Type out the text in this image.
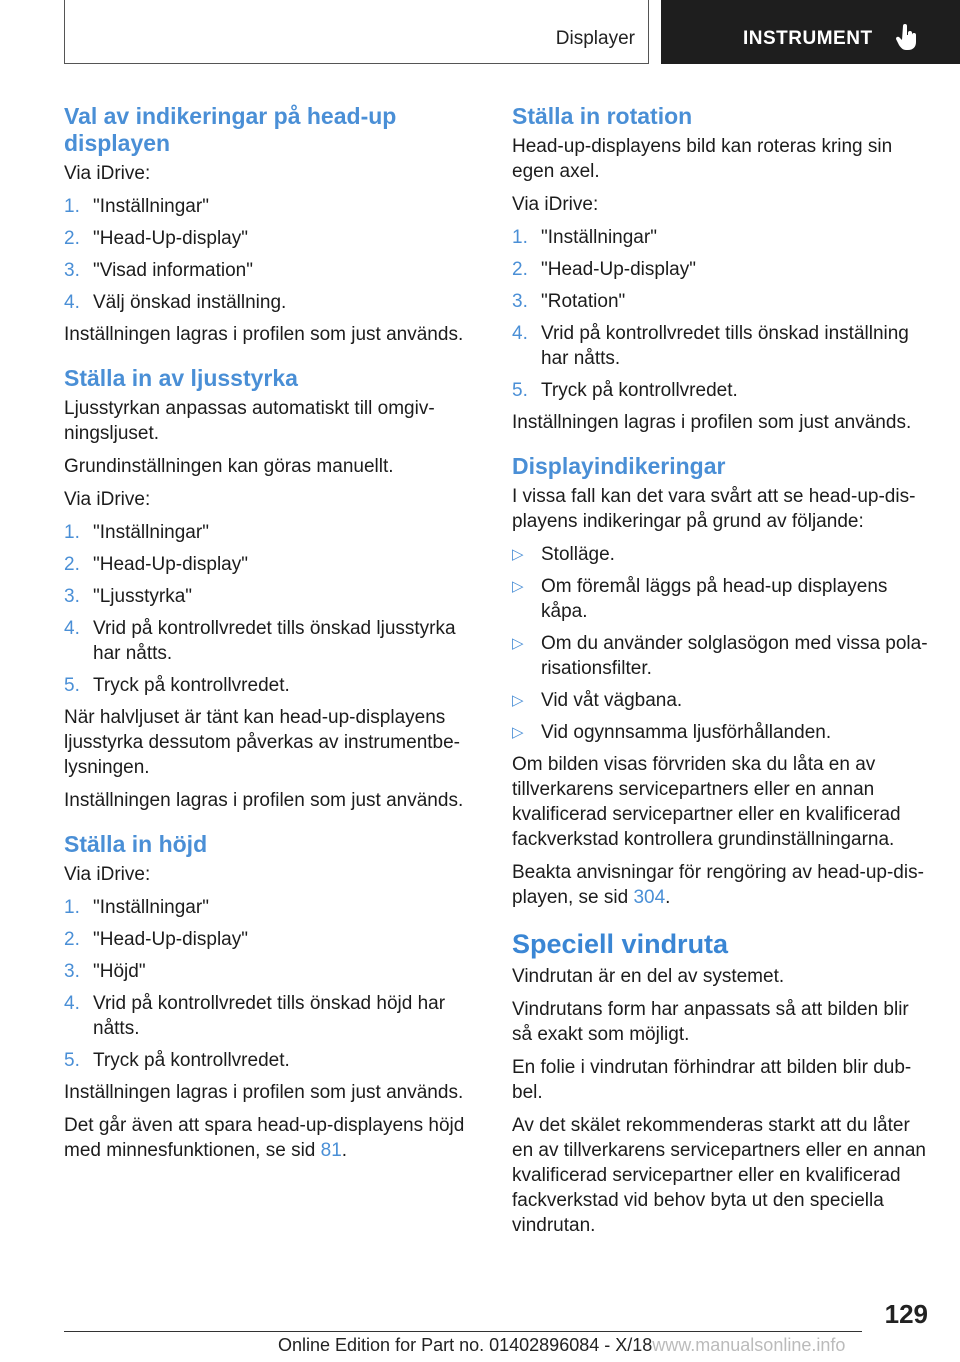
Displayer	INSTRUMENT
Val av indikeringar på head-up displayen

Via iDrive:

1. "Inställningar"
2. "Head-Up-display"
3. "Visad information"
4. Välj önskad inställning.

Inställningen lagras i profilen som just används.

Ställa in av ljusstyrka

Ljusstyrkan anpassas automatiskt till omgivningsljuset.

Grundinställningen kan göras manuellt.

Via iDrive:

1. "Inställningar"
2. "Head-Up-display"
3. "Ljusstyrka"
4. Vrid på kontrollvredet tills önskad ljusstyrka har nåtts.
5. Tryck på kontrollvredet.

När halvljuset är tänt kan head-up-displayens ljusstyrka dessutom påverkas av instrumentbelysningen.

Inställningen lagras i profilen som just används.

Ställa in höjd

Via iDrive:

1. "Inställningar"
2. "Head-Up-display"
3. "Höjd"
4. Vrid på kontrollvredet tills önskad höjd har nåtts.
5. Tryck på kontrollvredet.

Inställningen lagras i profilen som just används.

Det går även att spara head-up-displayens höjd med minnesfunktionen, se sid 81.

Ställa in rotation

Head-up-displayens bild kan roteras kring sin egen axel.

Via iDrive:

1. "Inställningar"
2. "Head-Up-display"
3. "Rotation"
4. Vrid på kontrollvredet tills önskad inställning har nåtts.
5. Tryck på kontrollvredet.

Inställningen lagras i profilen som just används.

Displayindikeringar

I vissa fall kan det vara svårt att se head-up-displayens indikeringar på grund av följande:

▷ Stolläge.
▷ Om föremål läggs på head-up displayens kåpa.
▷ Om du använder solglasögon med vissa polarisationsfilter.
▷ Vid våt vägbana.
▷ Vid ogynnsamma ljusförhållanden.

Om bilden visas förvriden ska du låta en av tillverkarens servicepartners eller en annan kvalificerad servicepartner eller en kvalificerad fackverkstad kontrollera grundinställningarna.

Beakta anvisningar för rengöring av head-up-displayen, se sid 304.

Speciell vindruta

Vindrutan är en del av systemet.

Vindrutans form har anpassats så att bilden blir så exakt som möjligt.

En folie i vindrutan förhindrar att bilden blir dubbel.

Av det skälet rekommenderas starkt att du låter en av tillverkarens servicepartners eller en annan kvalificerad servicepartner eller en kvalificerad fackverkstad vid behov byta ut den speciella vindrutan.

129
Online Edition for Part no. 01402896084 - X/18www.manualsonline.info
